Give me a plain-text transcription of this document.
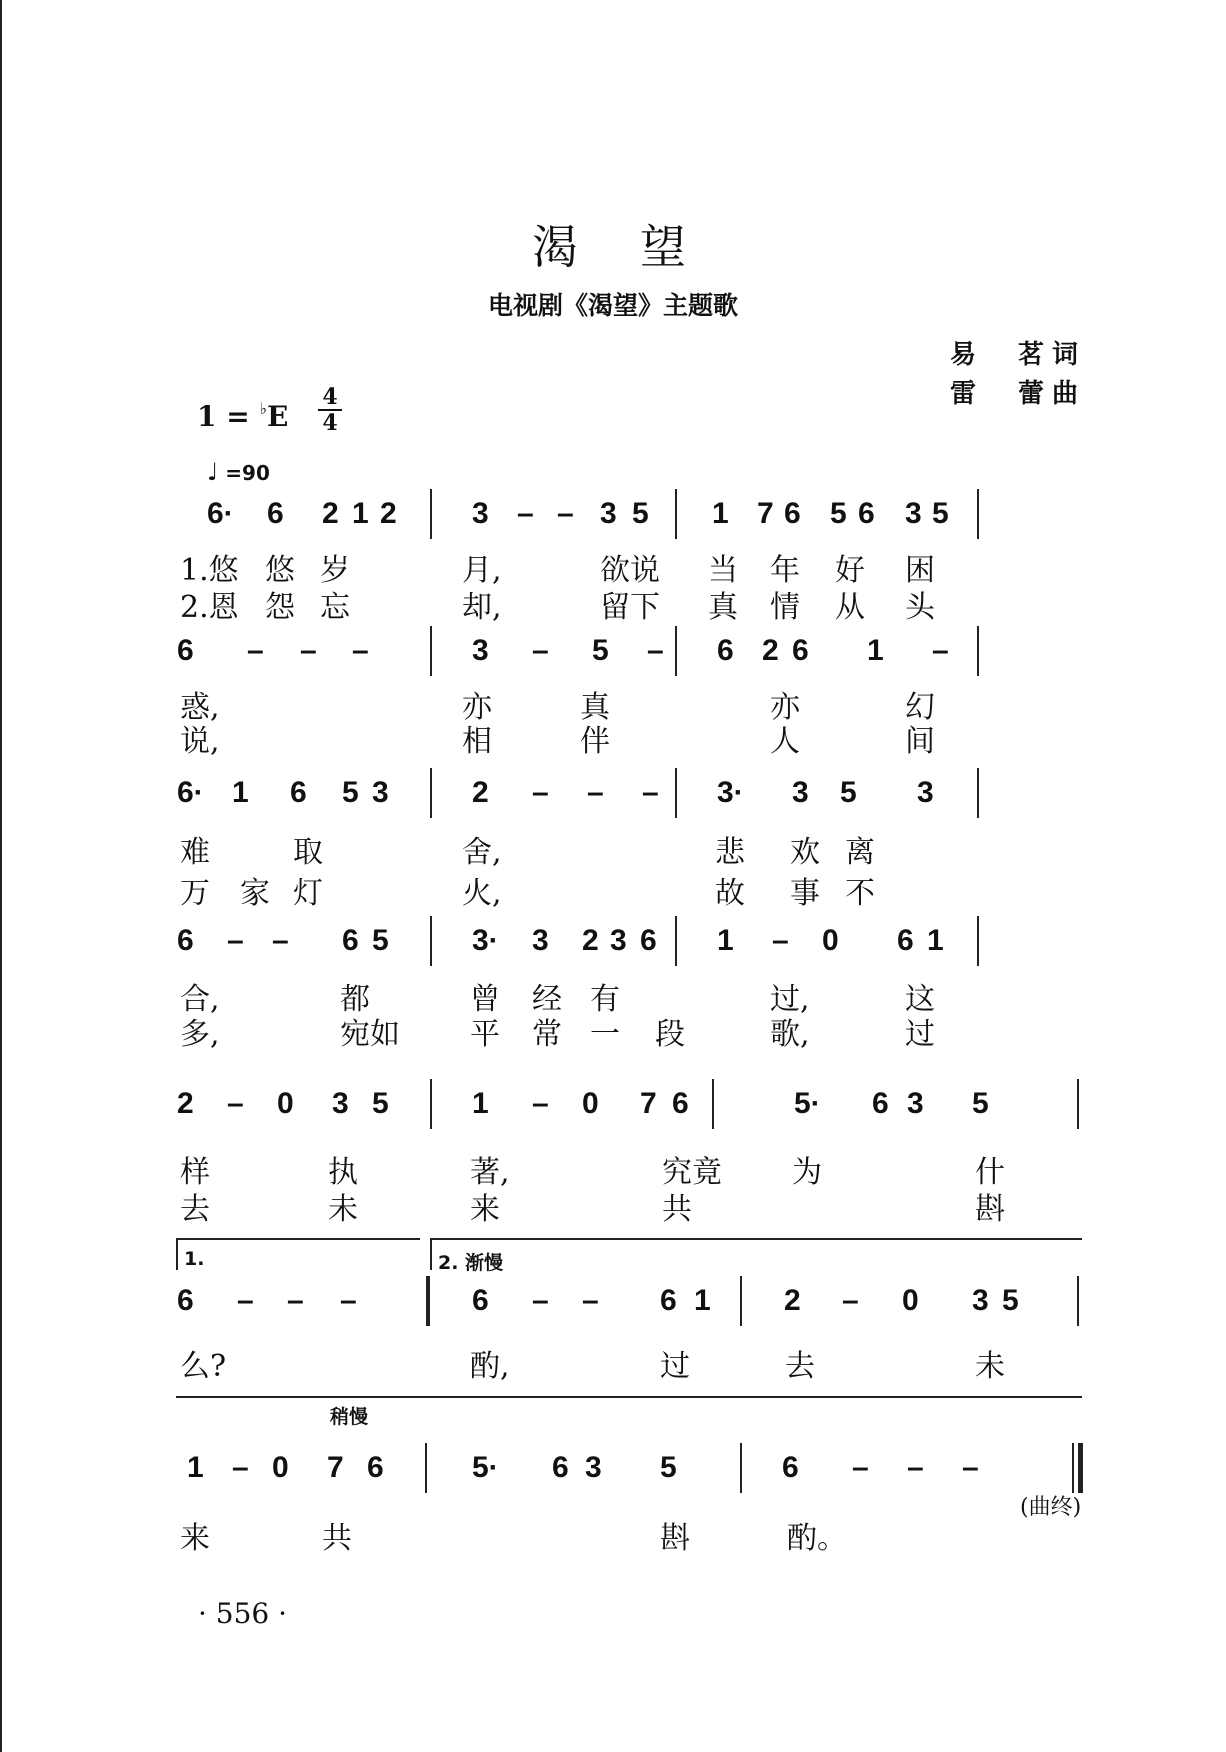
渴　望
电视剧《渴望》主题歌
易　茗词
雷　蕾曲
1 = ♭E
4
4
♩ =90
6· 6 2 1 2	3 – – 3 5 1 7 6 5 6 3 5
1.悠 悠 岁	月,	欲说 当 年 好 困
2.恩 怨 忘	却,	留下 真 情 从 头
6 – – –	3 – 5 – 6 2 6 1 –
惑,	亦	真	亦	幻
说,	相	伴	人	间
6· 1 6 5 3	2 – – – 3· 3 5 3
难	取	舍,	悲 欢 离
万 家 灯	火,	故 事 不
6 – – 6 5	3· 3 2 3 6 1 – 0 6 1
合,	都	曾 经 有	过,	这
多,	宛如 平 常 一 段	歌,	过
2 – 0 3 5	1 – 0 7 6	5· 6 3 5
样	执	著,	究竟 为	什
去	未	来	共	斟
1.	2. 渐慢
6 – – –	6 – – 6 1 2 – 0 3 5
么?	酌,	过	去	未
稍慢
1 – 0 7 6	5· 6 3 5	6 – – –
来	共	斟	酌。
(曲终)
· 556 ·
